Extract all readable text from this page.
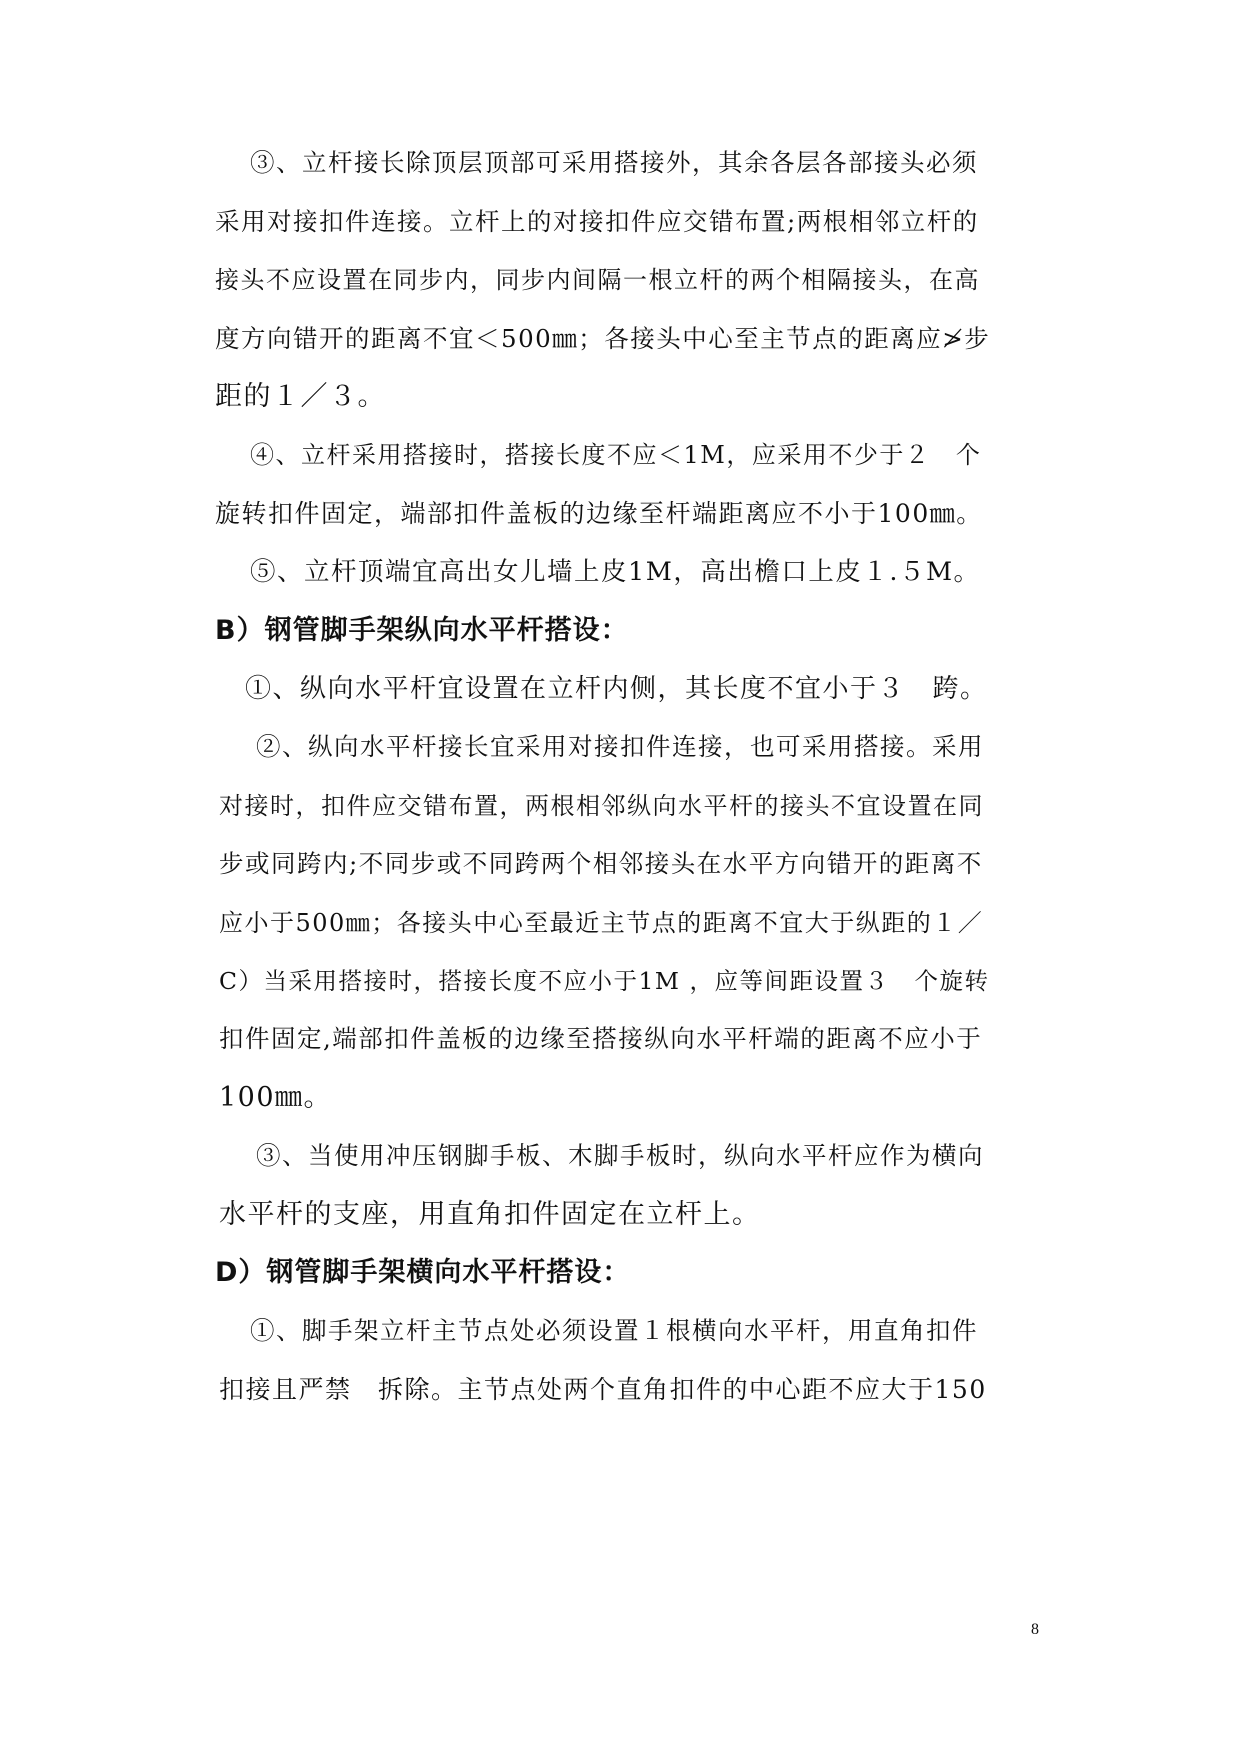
③、立杆接长除顶层顶部可采用搭接外，其余各层各部接头必须
采用对接扣件连接。立杆上的对接扣件应交错布置;两根相邻立杆的
接头不应设置在同步内，同步内间隔一根立杆的两个相隔接头，在高
度方向错开的距离不宜＜500㎜；各接头中心至主节点的距离应≯步
距的１／３。
④、立杆采用搭接时，搭接长度不应＜1M，应采用不少于２　个
旋转扣件固定，端部扣件盖板的边缘至杆端距离应不小于100㎜。
⑤、立杆顶端宜高出女儿墙上皮1M，高出檐口上皮１.５M。
B）钢管脚手架纵向水平杆搭设：
①、纵向水平杆宜设置在立杆内侧，其长度不宜小于３　跨。
②、纵向水平杆接长宜采用对接扣件连接，也可采用搭接。采用
对接时，扣件应交错布置，两根相邻纵向水平杆的接头不宜设置在同
步或同跨内;不同步或不同跨两个相邻接头在水平方向错开的距离不
应小于500㎜；各接头中心至最近主节点的距离不宜大于纵距的１／
C）当采用搭接时，搭接长度不应小于1M ，应等间距设置３　个旋转
扣件固定,端部扣件盖板的边缘至搭接纵向水平杆端的距离不应小于
100㎜。
③、当使用冲压钢脚手板、木脚手板时，纵向水平杆应作为横向
水平杆的支座，用直角扣件固定在立杆上。
D）钢管脚手架横向水平杆搭设：
①、脚手架立杆主节点处必须设置１根横向水平杆，用直角扣件
扣接且严禁　拆除。主节点处两个直角扣件的中心距不应大于150
8
